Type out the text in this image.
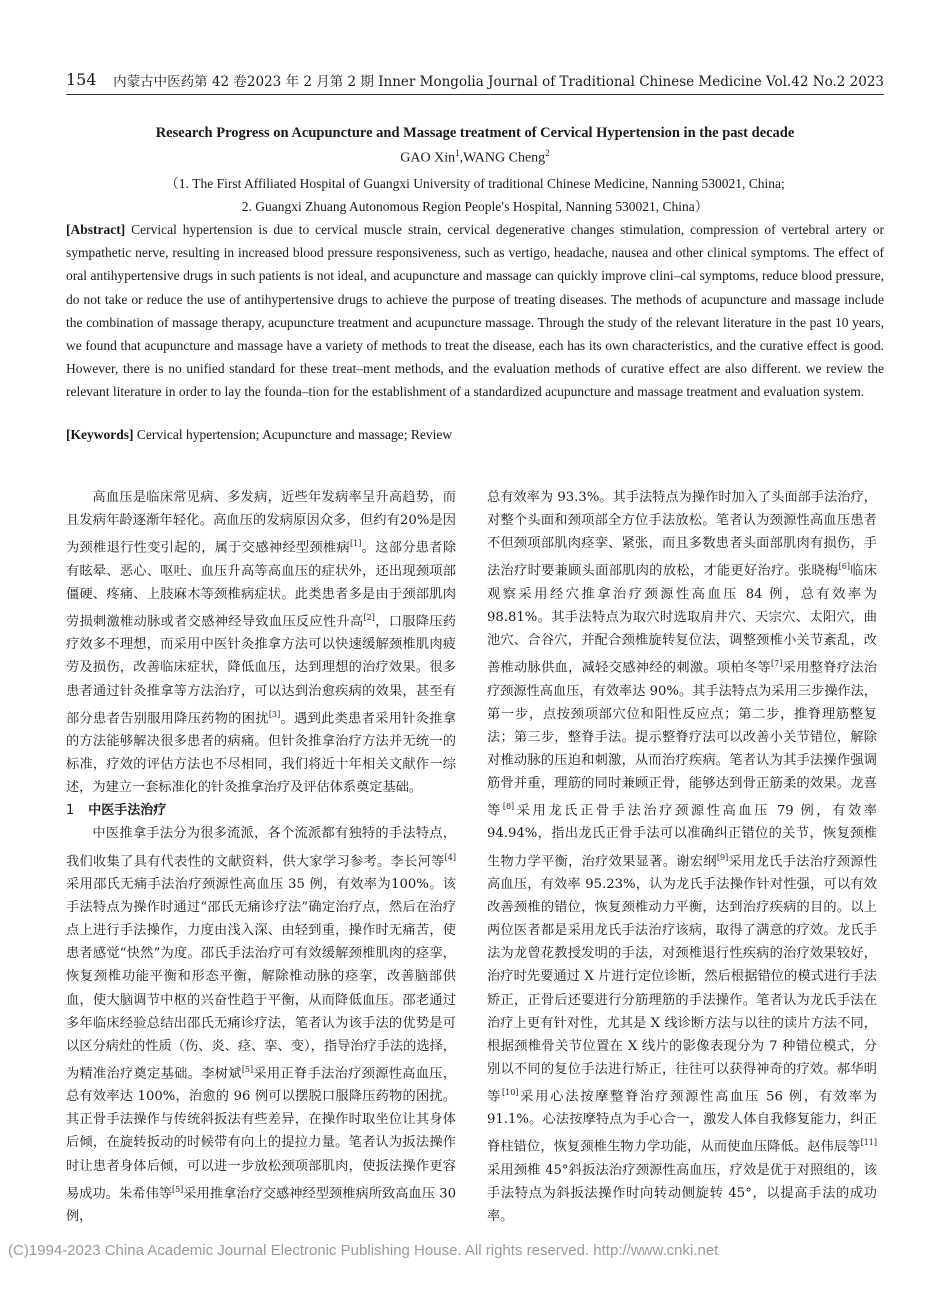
154 内蒙古中医药第 42 卷2023 年 2 月第 2 期 Inner Mongolia Journal of Traditional Chinese Medicine Vol.42 No.2 2023
Research Progress on Acupuncture and Massage treatment of Cervical Hypertension in the past decade
GAO Xin$^1$,WANG Cheng$^2$
（1. The First Affiliated Hospital of Guangxi University of traditional Chinese Medicine, Nanning 530021, China;
2. Guangxi Zhuang Autonomous Region People′s Hospital, Nanning 530021, China）
[Abstract] Cervical hypertension is due to cervical muscle strain, cervical degenerative changes stimulation, compression of vertebral artery or sympathetic nerve, resulting in increased blood pressure responsiveness, such as vertigo, headache, nausea and other clinical symptoms. The effect of oral antihypertensive drugs in such patients is not ideal, and acupuncture and massage can quickly improve clini–cal symptoms, reduce blood pressure, do not take or reduce the use of antihypertensive drugs to achieve the purpose of treating diseases. The methods of acupuncture and massage include the combination of massage therapy, acupuncture treatment and acupuncture massage. Through the study of the relevant literature in the past 10 years, we found that acupuncture and massage have a variety of methods to treat the disease, each has its own characteristics, and the curative effect is good. However, there is no unified standard for these treat–ment methods, and the evaluation methods of curative effect are also different. we review the relevant literature in order to lay the founda–tion for the establishment of a standardized acupuncture and massage treatment and evaluation system.
[Keywords] Cervical hypertension; Acupuncture and massage; Review

高血压是临床常见病、多发病，近些年发病率呈升高趋势，而且发病年龄逐渐年轻化。高血压的发病原因众多，但约有20%是因为颈椎退行性变引起的，属于交感神经型颈椎病[1]。这部分患者除有眩晕、恶心、呕吐、血压升高等高血压的症状外，还出现颈项部僵硬、疼痛、上肢麻木等颈椎病症状。此类患者多是由于颈部肌肉劳损刺激椎动脉或者交感神经导致血压反应性升高[2]，口服降压药疗效多不理想，而采用中医针灸推拿方法可以快速缓解颈椎肌肉疲劳及损伤，改善临床症状，降低血压，达到理想的治疗效果。很多患者通过针灸推拿等方法治疗，可以达到治愈疾病的效果，甚至有部分患者告别服用降压药物的困扰[3]。遇到此类患者采用针灸推拿的方法能够解决很多患者的病痛。但针灸推拿治疗方法并无统一的标准，疗效的评估方法也不尽相同，我们将近十年相关文献作一综述，为建立一套标准化的针灸推拿治疗及评估体系奠定基础。

1 中医手法治疗

中医推拿手法分为很多流派，各个流派都有独特的手法特点，我们收集了具有代表性的文献资料，供大家学习参考。李长河等[4]采用邵氏无痛手法治疗颈源性高血压 35 例，有效率为100%。该手法特点为操作时通过“邵氏无痛诊疗法”确定治疗点，然后在治疗点上进行手法操作，力度由浅入深、由轻到重，操作时无痛苦，使患者感觉“快然”为度。邵氏手法治疗可有效缓解颈椎肌肉的痉挛，恢复颈椎功能平衡和形态平衡，解除椎动脉的痉挛，改善脑部供血，使大脑调节中枢的兴奋性趋于平衡，从而降低血压。邵老通过多年临床经验总结出邵氏无痛诊疗法，笔者认为该手法的优势是可以区分病灶的性质（伤、炎、痉、挛、变），指导治疗手法的选择，为精准治疗奠定基础。李树斌[5]采用正脊手法治疗颈源性高血压，总有效率达 100%，治愈的 96 例可以摆脱口服降压药物的困扰。其正骨手法操作与传统斜扳法有些差异，在操作时取坐位让其身体后倾，在旋转扳动的时候带有向上的提拉力量。笔者认为扳法操作时让患者身体后倾，可以进一步放松颈项部肌肉，使扳法操作更容易成功。朱希伟等[5]采用推拿治疗交感神经型颈椎病所致高血压 30 例，

总有效率为 93.3%。其手法特点为操作时加入了头面部手法治疗，对整个头面和颈项部全方位手法放松。笔者认为颈源性高血压患者不但颈项部肌肉痉挛、紧张，而且多数患者头面部肌肉有损伤，手法治疗时要兼顾头面部肌肉的放松，才能更好治疗。张晓梅[6]临床观察采用经穴推拿治疗颈源性高血压 84 例，总有效率为 98.81%。其手法特点为取穴时选取肩井穴、天宗穴、太阳穴，曲池穴、合谷穴，并配合颈椎旋转复位法，调整颈椎小关节紊乱，改善椎动脉供血，减轻交感神经的刺激。项柏冬等[7]采用整脊疗法治疗颈源性高血压，有效率达 90%。其手法特点为采用三步操作法，第一步，点按颈项部穴位和阳性反应点；第二步，推脊理筋整复法；第三步，整脊手法。提示整脊疗法可以改善小关节错位，解除对椎动脉的压迫和刺激，从而治疗疾病。笔者认为其手法操作强调筋骨并重，理筋的同时兼顾正骨，能够达到骨正筋柔的效果。龙喜等[8]采用龙氏正骨手法治疗颈源性高血压 79 例，有效率 94.94%，指出龙氏正骨手法可以准确纠正错位的关节，恢复颈椎生物力学平衡，治疗效果显著。谢宏纲[9]采用龙氏手法治疗颈源性高血压，有效率 95.23%，认为龙氏手法操作针对性强，可以有效改善颈椎的错位，恢复颈椎动力平衡，达到治疗疾病的目的。以上两位医者都是采用龙氏手法治疗该病，取得了满意的疗效。龙氏手法为龙曾花教授发明的手法，对颈椎退行性疾病的治疗效果较好，治疗时先要通过 X 片进行定位诊断，然后根据错位的模式进行手法矫正，正骨后还要进行分筋理筋的手法操作。笔者认为龙氏手法在治疗上更有针对性，尤其是 X 线诊断方法与以往的读片方法不同，根据颈椎骨关节位置在 X 线片的影像表现分为 7 种错位模式，分别以不同的复位手法进行矫正，往往可以获得神奇的疗效。郝华明等[10]采用心法按摩整脊治疗颈源性高血压 56 例，有效率为91.1%。心法按摩特点为手心合一，激发人体自我修复能力，纠正脊柱错位，恢复颈椎生物力学功能，从而使血压降低。赵伟辰等[11]采用颈椎 45°斜扳法治疗颈源性高血压，疗效是优于对照组的，该手法特点为斜扳法操作时向转动侧旋转 45°，以提高手法的成功率。

(C)1994-2023 China Academic Journal Electronic Publishing House. All rights reserved. http://www.cnki.net
